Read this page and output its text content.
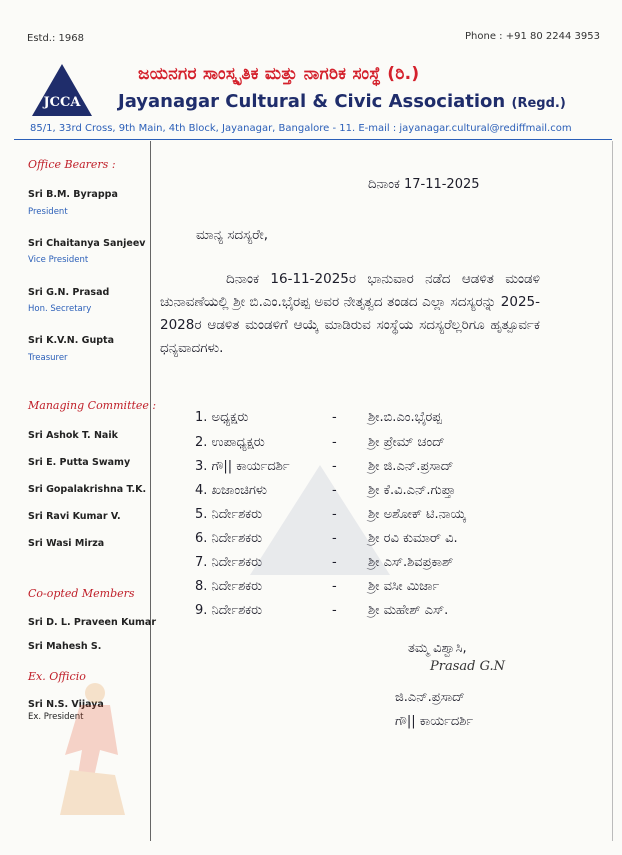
Estd.: 1968	Phone : +91 80 2244 3953
JCCA
ಜಯನಗರ ಸಾಂಸ್ಕೃತಿಕ ಮತ್ತು ನಾಗರಿಕ ಸಂಸ್ಥೆ (ರಿ.)
Jayanagar Cultural & Civic Association (Regd.)
85/1, 33rd Cross, 9th Main, 4th Block, Jayanagar, Bangalore - 11. E-mail : jayanagar.cultural@rediffmail.com
Office Bearers :
Sri B.M. Byrappa
President
Sri Chaitanya Sanjeev
Vice President
Sri G.N. Prasad
Hon. Secretary
Sri K.V.N. Gupta
Treasurer
Managing Committee :
Sri Ashok T. Naik
Sri E. Putta Swamy
Sri Gopalakrishna T.K.
Sri Ravi Kumar V.
Sri Wasi Mirza
Co-opted Members
Sri D. L. Praveen Kumar
Sri Mahesh S.
Ex. Officio
Sri N.S. Vijaya
Ex. President
ದಿನಾಂಕ 17-11-2025
ಮಾನ್ಯ ಸದಸ್ಯರೇ,
ದಿನಾಂಕ 16-11-2025ರ ಭಾನುವಾರ ನಡೆದ ಆಡಳಿತ ಮಂಡಳಿ ಚುನಾವಣೆಯಲ್ಲಿ ಶ್ರೀ ಬಿ.ಎಂ.ಭೈರಪ್ಪ ಅವರ ನೇತೃತ್ವದ ತಂಡದ ಎಲ್ಲಾ ಸದಸ್ಯರನ್ನು 2025-2028ರ ಆಡಳಿತ ಮಂಡಳಿಗೆ ಆಯ್ಕೆ ಮಾಡಿರುವ ಸಂಸ್ಥೆಯ ಸದಸ್ಯರೆಲ್ಲರಿಗೂ ಹೃತ್ಪೂರ್ವಕ ಧನ್ಯವಾದಗಳು.
1. ಅಧ್ಯಕ್ಷರು	- ಶ್ರೀ.ಬಿ.ಎಂ.ಭೈರಪ್ಪ
2. ಉಪಾಧ್ಯಕ್ಷರು	- ಶ್ರೀ ಪ್ರೇಮ್ ಚಂದ್
3. ಗೌ|| ಕಾರ್ಯದರ್ಶಿ	- ಶ್ರೀ ಜಿ.ಎನ್.ಪ್ರಸಾದ್
4. ಖಜಾಂಚಿಗಳು	- ಶ್ರೀ ಕೆ.ವಿ.ಎನ್.ಗುಪ್ತಾ
5. ನಿರ್ದೇಶಕರು	- ಶ್ರೀ ಅಶೋಕ್ ಟಿ.ನಾಯ್ಕ
6. ನಿರ್ದೇಶಕರು	- ಶ್ರೀ ರವಿ ಕುಮಾರ್ ವಿ.
7. ನಿರ್ದೇಶಕರು	- ಶ್ರೀ ಎಸ್.ಶಿವಪ್ರಕಾಶ್
8. ನಿರ್ದೇಶಕರು	- ಶ್ರೀ ವಸೀ ಮಿರ್ಜಾ
9. ನಿರ್ದೇಶಕರು	- ಶ್ರೀ ಮಹೇಶ್ ಎಸ್.
ತಮ್ಮ ವಿಶ್ವಾಸಿ,
Prasad G.N
ಜಿ.ಎನ್.ಪ್ರಸಾದ್
ಗೌ|| ಕಾರ್ಯದರ್ಶಿ
